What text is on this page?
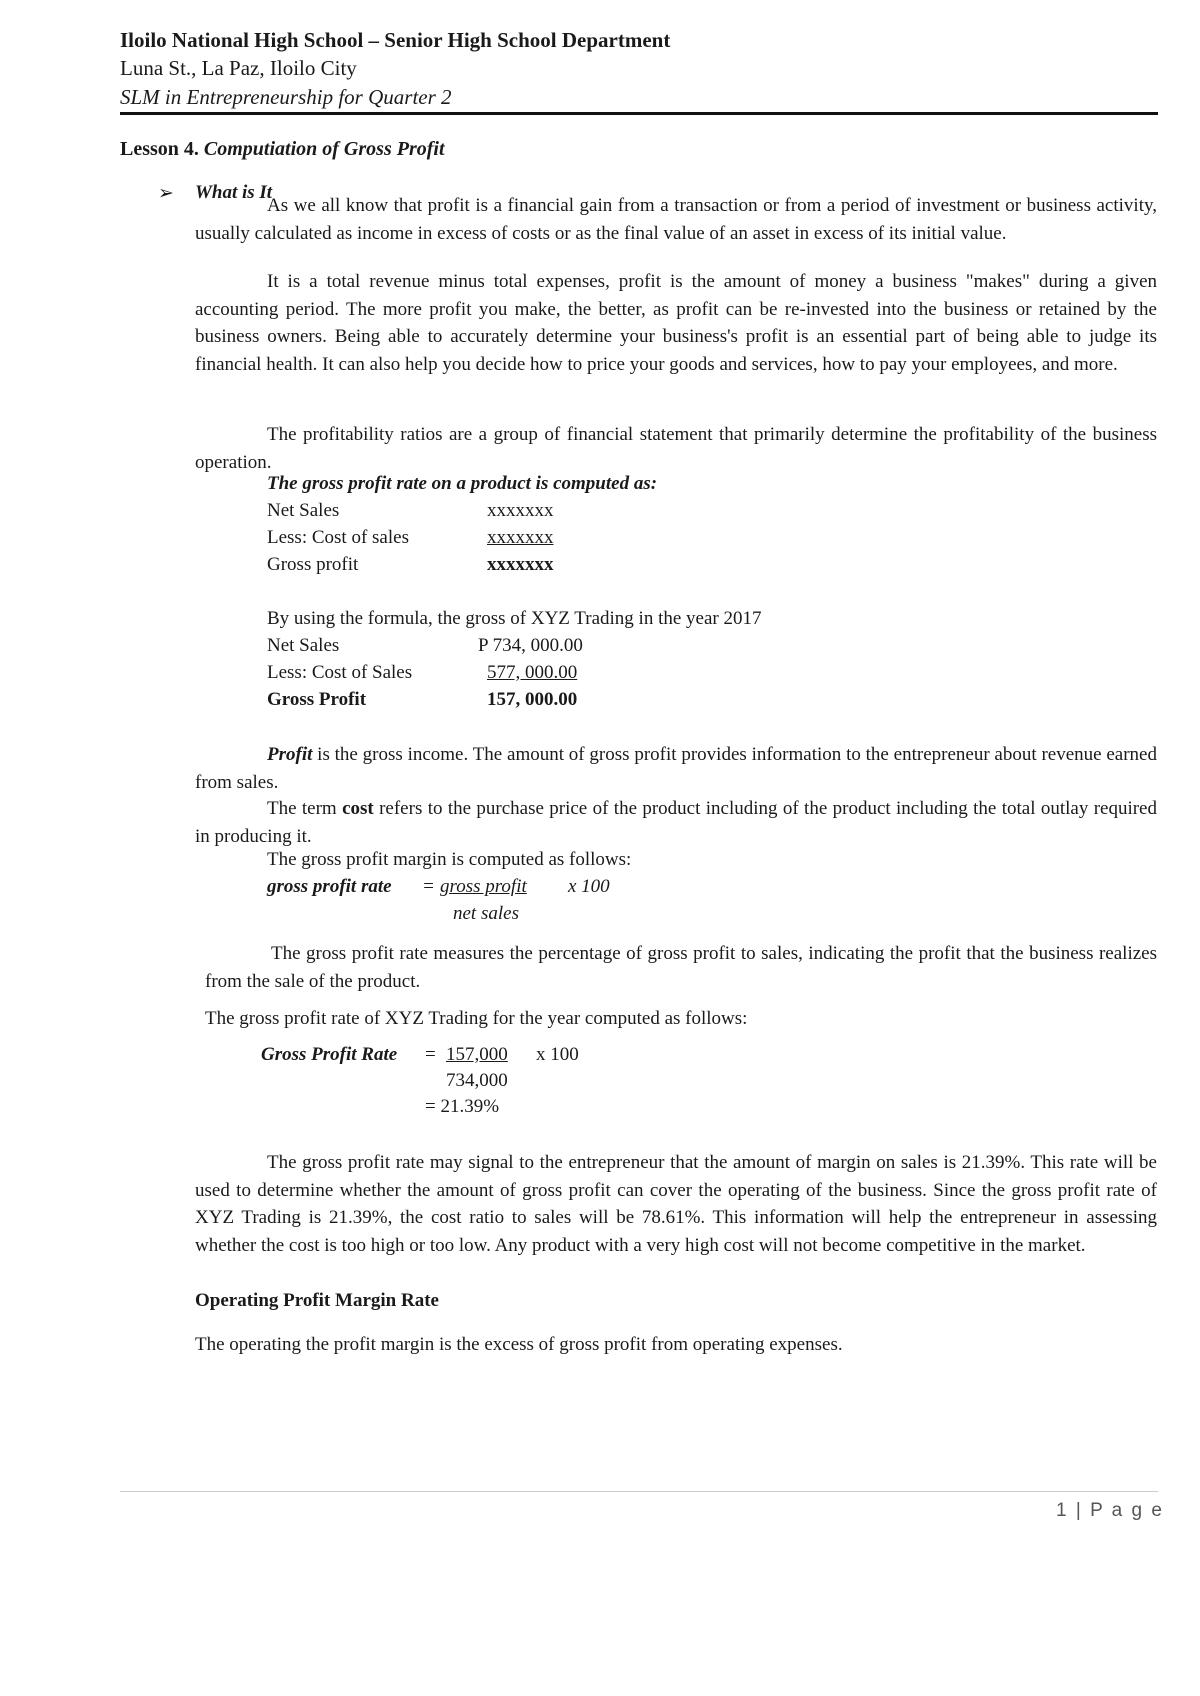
Iloilo National High School – Senior High School Department
Luna St., La Paz, Iloilo City
SLM in Entrepreneurship for Quarter 2
Lesson 4. Computiation of Gross Profit
➢ What is It
As we all know that profit is a financial gain from a transaction or from a period of investment or business activity, usually calculated as income in excess of costs or as the final value of an asset in excess of its initial value.
It is a total revenue minus total expenses, profit is the amount of money a business "makes" during a given accounting period. The more profit you make, the better, as profit can be re-invested into the business or retained by the business owners. Being able to accurately determine your business's profit is an essential part of being able to judge its financial health. It can also help you decide how to price your goods and services, how to pay your employees, and more.
The profitability ratios are a group of financial statement that primarily determine the profitability of the business operation.
The gross profit rate on a product is computed as:
Net Sales	xxxxxxx
Less: Cost of sales	xxxxxxx
Gross profit	xxxxxxx
By using the formula, the gross of XYZ Trading in the year 2017
Net Sales	P 734, 000.00
Less: Cost of Sales	577, 000.00
Gross Profit	157, 000.00
Profit is the gross income. The amount of gross profit provides information to the entrepreneur about revenue earned from sales.
The term cost refers to the purchase price of the product including of the product including the total outlay required in producing it.
The gross profit margin is computed as follows:
gross profit rate = gross profit	x 100
net sales
The gross profit rate measures the percentage of gross profit to sales, indicating the profit that the business realizes from the sale of the product.
The gross profit rate of XYZ Trading for the year computed as follows:
Gross Profit Rate = 157,000	x 100
734,000
= 21.39%
The gross profit rate may signal to the entrepreneur that the amount of margin on sales is 21.39%. This rate will be used to determine whether the amount of gross profit can cover the operating of the business. Since the gross profit rate of XYZ Trading is 21.39%, the cost ratio to sales will be 78.61%. This information will help the entrepreneur in assessing whether the cost is too high or too low. Any product with a very high cost will not become competitive in the market.
Operating Profit Margin Rate
The operating the profit margin is the excess of gross profit from operating expenses.
1 | P a g e
